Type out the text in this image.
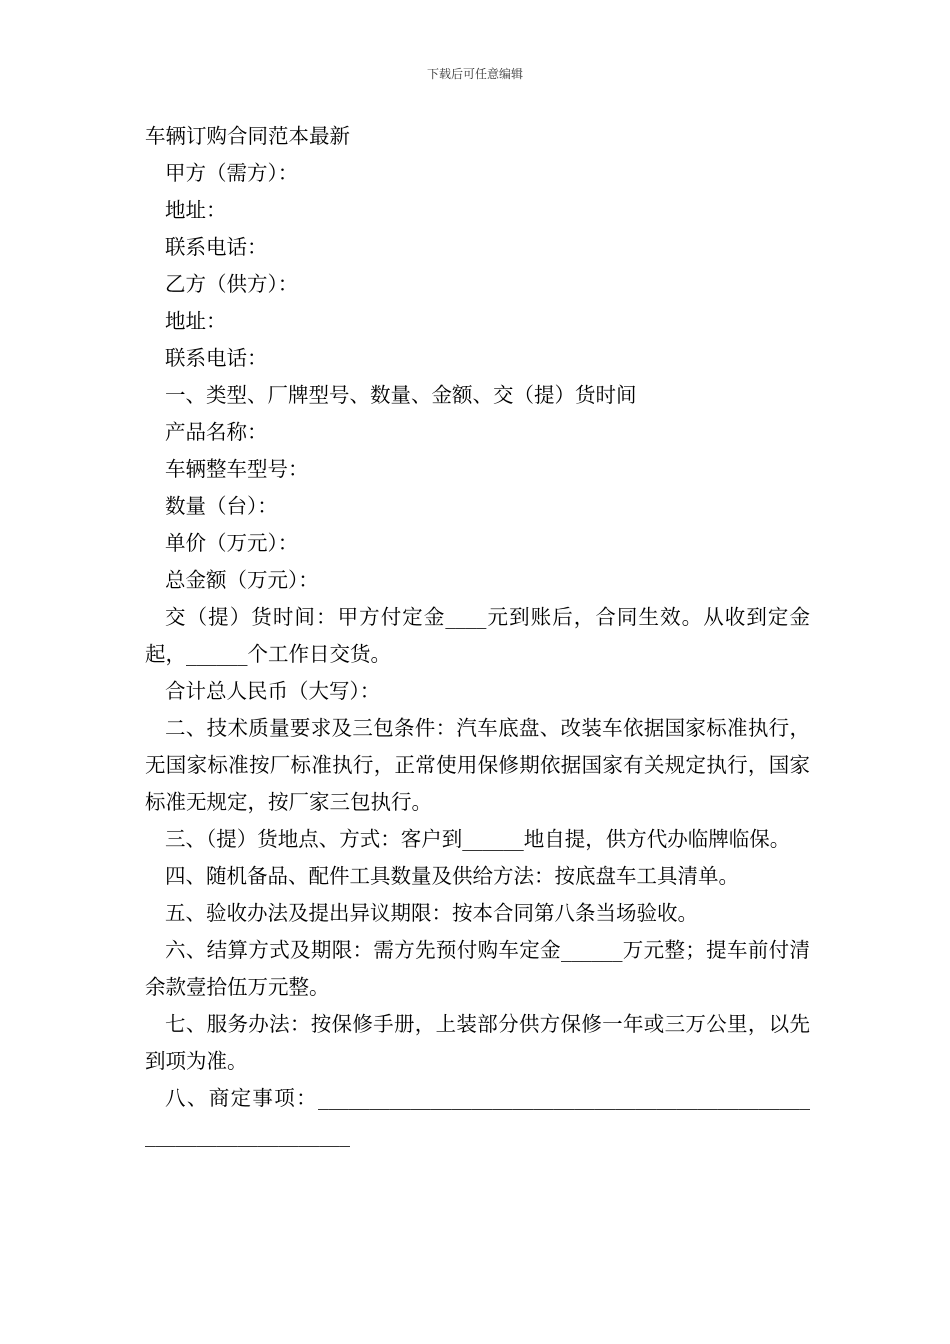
下载后可任意编辑
车辆订购合同范本最新
甲方（需方）：
地址：
联系电话：
乙方（供方）：
地址：
联系电话：
一、类型、厂牌型号、数量、金额、交（提）货时间
产品名称：
车辆整车型号：
数量（台）：
单价（万元）：
总金额（万元）：
交（提）货时间：甲方付定金____元到账后，合同生效。从收到定金起，______个工作日交货。
合计总人民币（大写）：
二、技术质量要求及三包条件：汽车底盘、改装车依据国家标准执行，无国家标准按厂标准执行，正常使用保修期依据国家有关规定执行，国家标准无规定，按厂家三包执行。
三、（提）货地点、方式：客户到______地自提，供方代办临牌临保。
四、随机备品、配件工具数量及供给方法：按底盘车工具清单。
五、验收办法及提出异议期限：按本合同第八条当场验收。
六、结算方式及期限：需方先预付购车定金______万元整；提车前付清余款壹拾伍万元整。
七、服务办法：按保修手册，上装部分供方保修一年或三万公里，以先到项为准。
八、商定事项：____________________________________________________________________
